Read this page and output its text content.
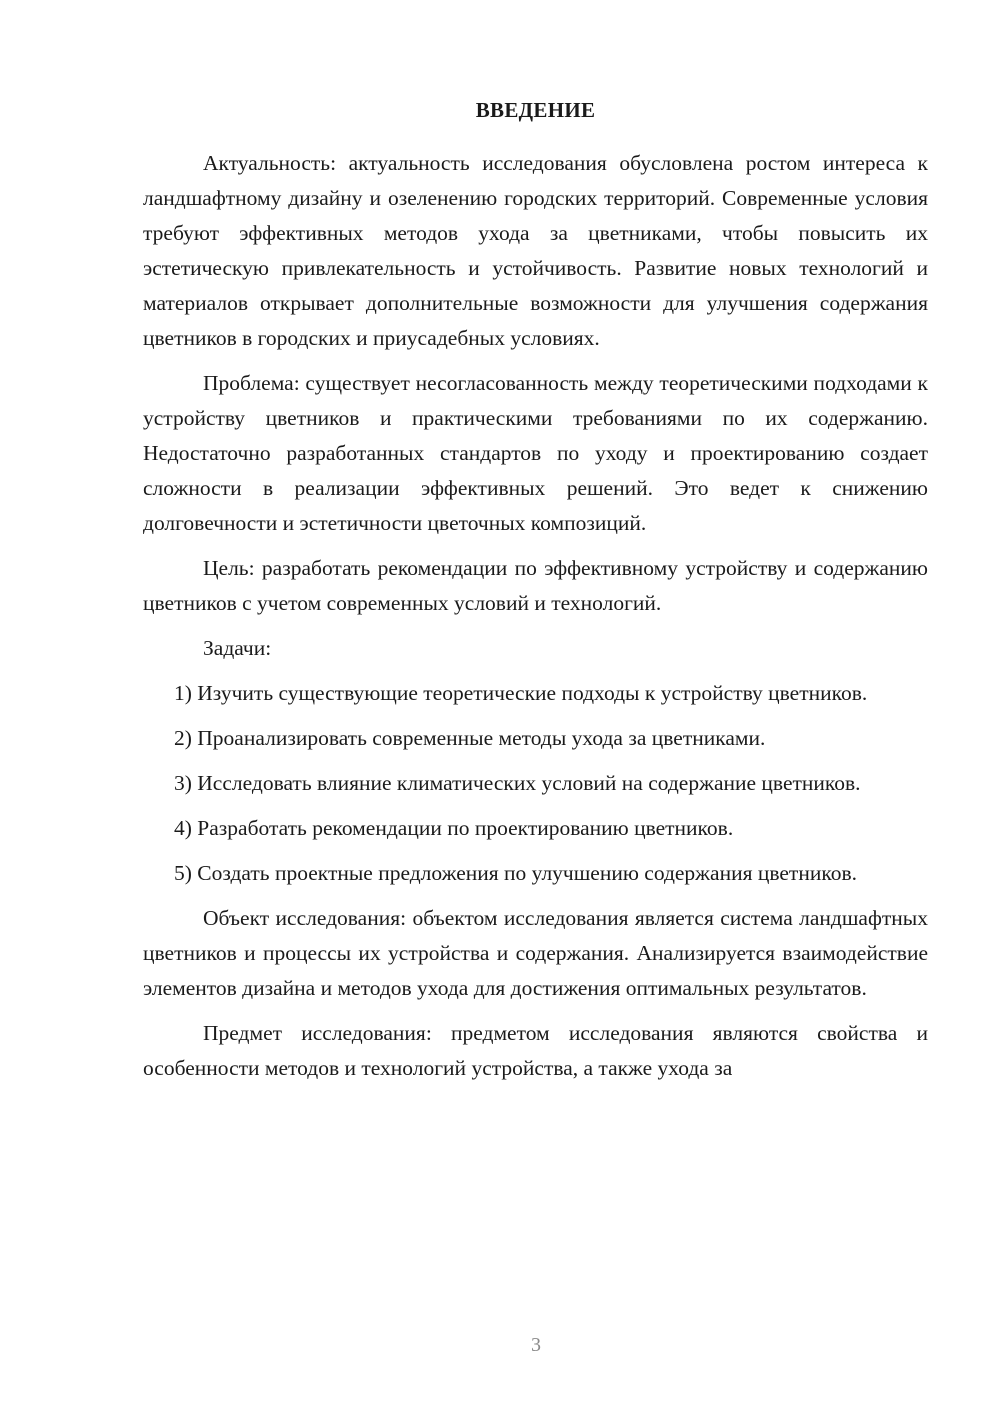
ВВЕДЕНИЕ

Актуальность: актуальность исследования обусловлена ростом интереса к ландшафтному дизайну и озеленению городских территорий. Современные условия требуют эффективных методов ухода за цветниками, чтобы повысить их эстетическую привлекательность и устойчивость. Развитие новых технологий и материалов открывает дополнительные возможности для улучшения содержания цветников в городских и приусадебных условиях.

Проблема: существует несогласованность между теоретическими подходами к устройству цветников и практическими требованиями по их содержанию. Недостаточно разработанных стандартов по уходу и проектированию создает сложности в реализации эффективных решений. Это ведет к снижению долговечности и эстетичности цветочных композиций.

Цель: разработать рекомендации по эффективному устройству и содержанию цветников с учетом современных условий и технологий.

Задачи:

1) Изучить существующие теоретические подходы к устройству цветников.

2) Проанализировать современные методы ухода за цветниками.

3) Исследовать влияние климатических условий на содержание цветников.

4) Разработать рекомендации по проектированию цветников.

5) Создать проектные предложения по улучшению содержания цветников.

Объект исследования: объектом исследования является система ландшафтных цветников и процессы их устройства и содержания. Анализируется взаимодействие элементов дизайна и методов ухода для достижения оптимальных результатов.

Предмет исследования: предметом исследования являются свойства и особенности методов и технологий устройства, а также ухода за

3
